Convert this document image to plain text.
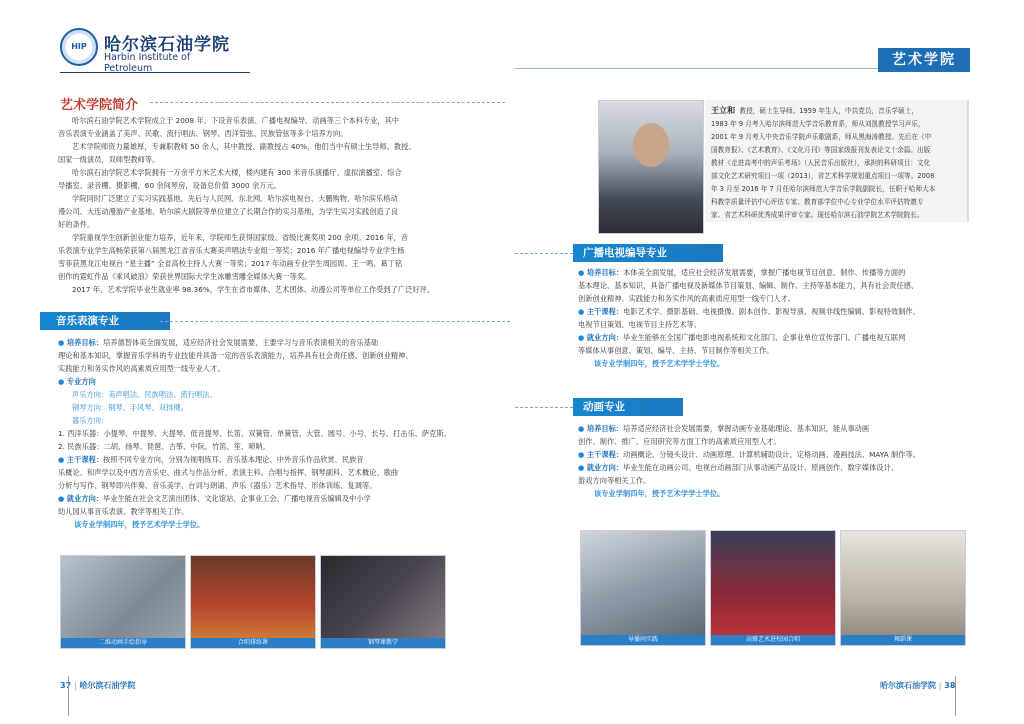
HIP	哈尔滨石油学院
Harbin Institute of Petroleum
艺术学院
艺术学院简介
哈尔滨石油学院艺术学院成立于 2008 年，下设音乐表演、广播电视编导、动画等三个本科专业，其中
音乐表演专业涵盖了美声、民歌、流行唱法、钢琴、西洋管弦、民族管弦等多个培养方向。
艺术学院师资力量雄厚，专兼职教师 50 余人，其中教授、副教授占 40%，他们当中有硕士生导师、教授、
国家一级演员，双师型教师等。
哈尔滨石油学院艺术学院拥有一万余平方米艺术大楼，楼内建有 300 米音乐演播厅、虚拟演播室、综合
导播室、录音棚、摄影棚，60 余间琴房，设备总价值 3000 余万元。
学院同时广泛建立了实习实践基地，先后与人民网、东北网、哈尔滨电视台、大鹏购物、哈尔滨乐格动
漫公司、大连动漫游产业基地、哈尔滨大剧院等单位建立了长期合作的实习基地，为学生实习实践创造了良
好的条件。
学院重视学生创新创业能力培养，近年来，学院师生获得国家级、省级比赛奖项 200 余项。2016 年，音
乐表演专业学生高畅荣获第八届黑龙江省音乐大赛美声唱法专业组一等奖；2016 年广播电视编导专业学生杨
雪菲获黑龙江电视台 “星主播” 全省高校主持人大赛一等奖；2017 年动画专业学生周园周、王一鸣、葛丁铭
创作的霓虹作品《乘风破浪》荣获世界国际大学生冰雕雪雕全媒体大赛一等奖。
2017 年，艺术学院毕业生就业率 98.36%，学生在省市媒体、艺术团体、动漫公司等单位工作受到了广泛好评。
音乐表演专业
● 培养目标：培养德智体美全面发展，适应经济社会发展需要，主要学习与音乐表演相关的音乐基础
理论和基本知识，掌握音乐学科的专业技能并具备一定的音乐表演能力，培养具有社会责任感、创新创业精神、
实践能力和务实作风的高素质应用型一线专业人才。
● 专业方向
声乐方向：美声唱法、民族唱法、流行唱法。
钢琴方向：钢琴、手风琴、双排键。
器乐方向：
1. 西洋乐器：小提琴、中提琴、大提琴、低音提琴、长笛、双簧管、单簧管、大管、圆号、小号、长号、打击乐、萨克斯。
2. 民族乐器：二胡、扬琴、琵琶、古筝、中阮、竹笛、笙、唢呐。
● 主干课程：按照不同专业方向，分别为视唱练耳、音乐基本理论、中外音乐作品欣赏、民族音
乐概论、和声学以及中西方音乐史、曲式与作品分析、表演主科、合唱与指挥、钢琴副科、艺术概论、歌曲
分析与写作、钢琴即兴伴奏、音乐美学、台词与朗诵、声乐（器乐）艺术指导、形体训练、复调等。
● 就业方向：毕业生能在社会文艺演出团体、文化馆站、企事业工会、广播电视音乐编辑及中小学
幼儿园从事音乐表演、教学等相关工作。
该专业学制四年，授予艺术学学士学位。
二维动画手绘指导	合唱排练课	钢琴课教学
王立和 教授，硕士生导师。1959 年生人，中共党员，音乐学硕士，
1983 年 9 月考入哈尔滨师范大学音乐教育系，师从刘凯教授学习声乐，
2001 年 9 月考入中央音乐学院声乐歌剧系，师从黑海涛教授。先后在《中
国教育报》、《艺术教育》、《文化月刊》等国家级报刊发表论文十余篇。出版
教材《走进高考中的声乐考场》（人民音乐出版社），承担的科研项目：文化
部文化艺术研究项目一项（2013），省艺术科学规划重点项目一项等。2008
年 3 月至 2016 年 7 月任哈尔滨师范大学音乐学院副院长，任职于哈师大本
科教学质量评估中心评估专家、教育部学位中心专业学位水平评估特邀专
家、省艺术科研优秀成果评审专家。现任哈尔滨石油学院艺术学院院长。
广播电视编导专业
● 培养目标：本体美全面发展，适应社会经济发展需要，掌握广播电视节目创意、制作、传播等方面的
基本理论、基本知识，具备广播电视及新媒体节目策划、编辑、制作、主持等基本能力，具有社会责任感、
创新创业精神、实践能力和务实作风的高素质应用型一线专门人才。
● 主干课程：电影艺术学、摄影基础、电视摄像、剧本创作、影视导演、视频非线性编辑、影视特效制作、
电视节目策划、电视节目主持艺术等。
● 就业方向：毕业生能够在全国广播电影电视系统和文化部门、企事业单位宣传部门、广播电视互联网
等媒体从事创意、策划、编导、主持、节目制作等相关工作。
该专业学制四年，授予艺术学学士学位。
动画专业
● 培养目标：培养适应经济社会发展需要，掌握动画专业基础理论、基本知识，能从事动画
创作、制作、推广、应用研究等方面工作的高素质应用型人才。
● 主干课程：动画概论、分镜头设计、动画原理、计算机辅助设计、定格动画、漫画技法、MAYA 制作等。
● 就业方向：毕业生能在动画公司、电视台动画部门从事动画产品设计、原画创作、数字媒体设计、
游戏方向等相关工作。
该专业学制四年，授予艺术学学士学位。
导播间实践	高雅艺术进校园合唱	舞蹈课
37 | 哈尔滨石油学院	哈尔滨石油学院 | 38
